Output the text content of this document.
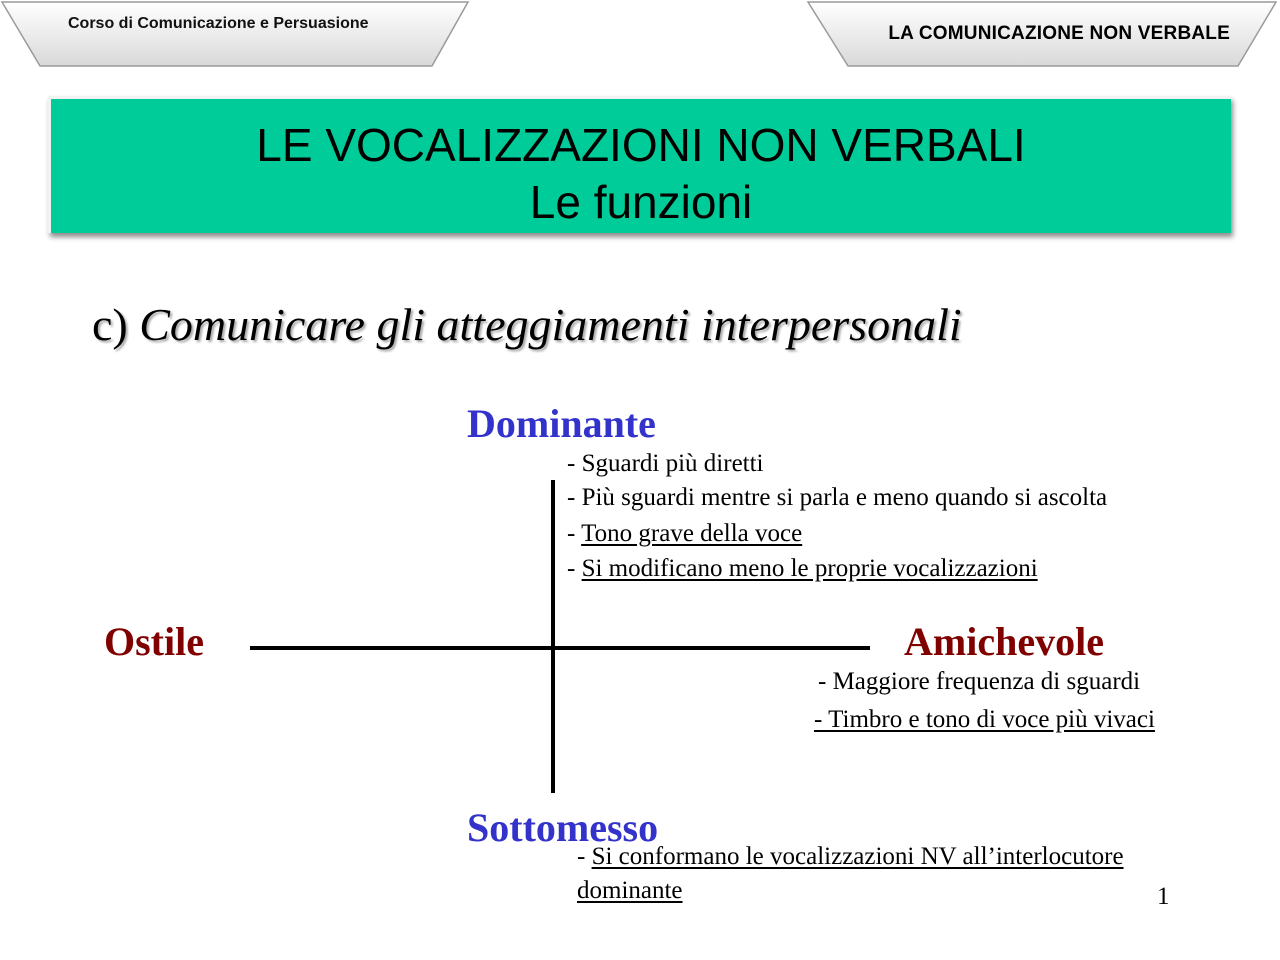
Corso di Comunicazione e Persuasione	LA COMUNICAZIONE NON VERBALE
LE VOCALIZZAZIONI NON VERBALI
Le funzioni
c) Comunicare gli atteggiamenti interpersonali
Dominante
Sottomesso
Ostile	Amichevole
- Sguardi più diretti
- Più sguardi mentre si parla e meno quando si ascolta
- Tono grave della voce
- Si modificano meno le proprie vocalizzazioni
- Maggiore frequenza di sguardi
- Timbro e tono di voce più vivaci
- Si conformano le vocalizzazioni NV all’interlocutore
dominante	1
